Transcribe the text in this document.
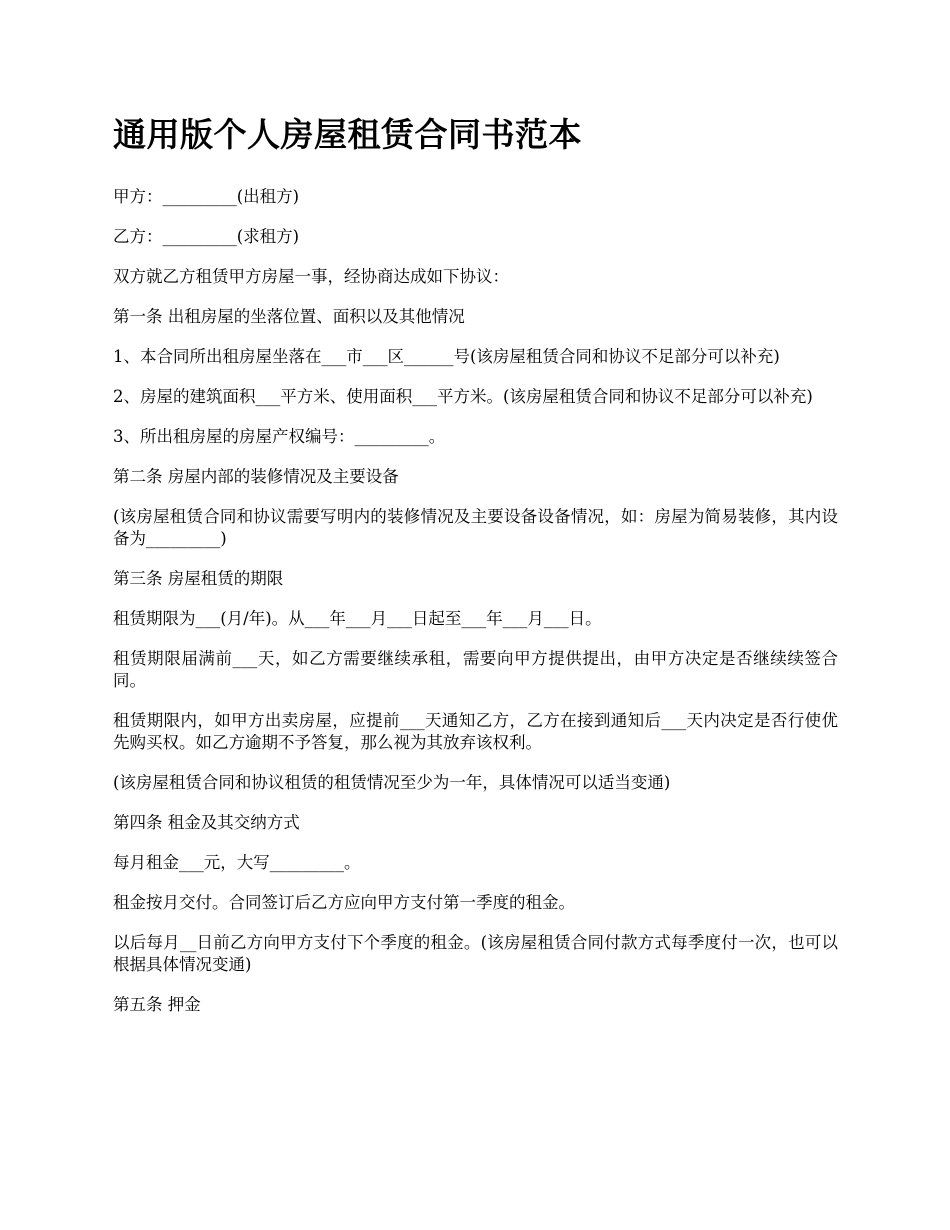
通用版个人房屋租赁合同书范本

甲方：_________(出租方)

乙方：_________(求租方)

双方就乙方租赁甲方房屋一事，经协商达成如下协议：

第一条 出租房屋的坐落位置、面积以及其他情况

1、本合同所出租房屋坐落在___市___区______号(该房屋租赁合同和协议不足部分可以补充)

2、房屋的建筑面积___平方米、使用面积___平方米。(该房屋租赁合同和协议不足部分可以补充)

3、所出租房屋的房屋产权编号：_________。

第二条 房屋内部的装修情况及主要设备

(该房屋租赁合同和协议需要写明内的装修情况及主要设备设备情况，如：房屋为简易装修，其内设备为_________)

第三条 房屋租赁的期限

租赁期限为___(月/年)。从___年___月___日起至___年___月___日。

租赁期限届满前___天，如乙方需要继续承租，需要向甲方提供提出，由甲方决定是否继续续签合同。

租赁期限内，如甲方出卖房屋，应提前___天通知乙方，乙方在接到通知后___天内决定是否行使优先购买权。如乙方逾期不予答复，那么视为其放弃该权利。

(该房屋租赁合同和协议租赁的租赁情况至少为一年，具体情况可以适当变通)

第四条 租金及其交纳方式

每月租金___元，大写_________。

租金按月交付。合同签订后乙方应向甲方支付第一季度的租金。

以后每月__日前乙方向甲方支付下个季度的租金。(该房屋租赁合同付款方式每季度付一次，也可以根据具体情况变通)

第五条 押金
